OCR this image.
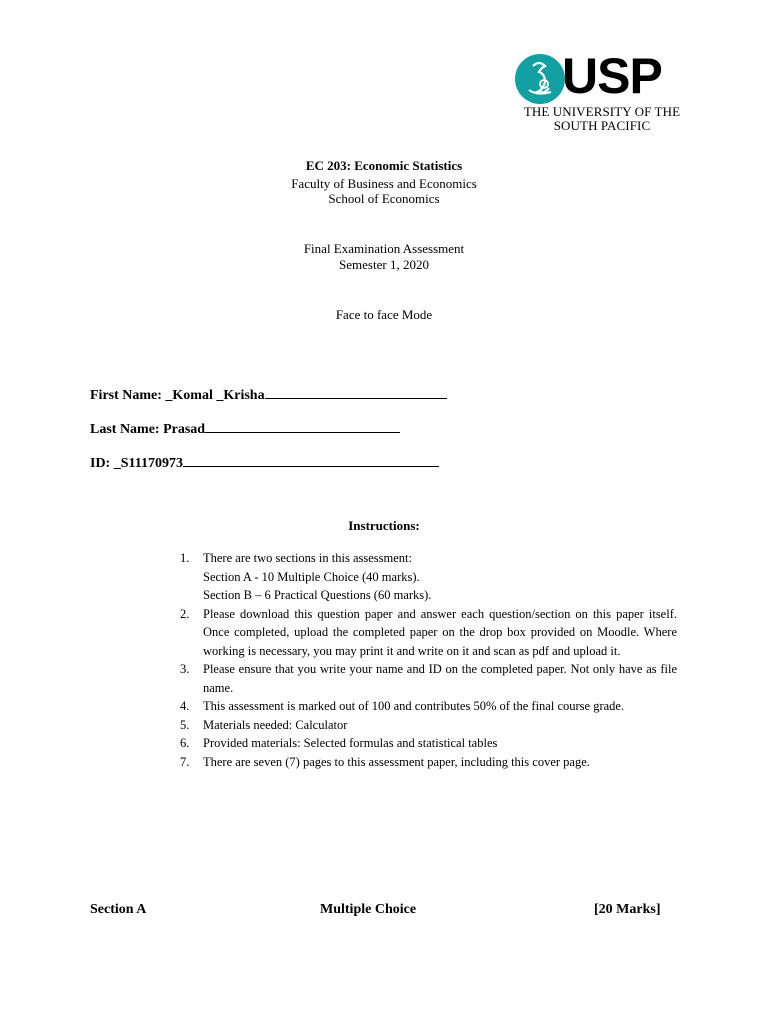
USP
THE UNIVERSITY OF THE
SOUTH PACIFIC
EC 203: Economic Statistics
Faculty of Business and Economics
School of Economics
Final Examination Assessment
Semester 1, 2020
Face to face Mode
First Name: _Komal _Krisha
Last Name: Prasad
ID: _S11170973
Instructions:
1. There are two sections in this assessment:
Section A - 10 Multiple Choice (40 marks).
Section B – 6 Practical Questions (60 marks).
2. Please download this question paper and answer each question/section on this paper itself. Once completed, upload the completed paper on the drop box provided on Moodle. Where working is necessary, you may print it and write on it and scan as pdf and upload it.
3. Please ensure that you write your name and ID on the completed paper. Not only have as file name.
4. This assessment is marked out of 100 and contributes 50% of the final course grade.
5. Materials needed: Calculator
6. Provided materials: Selected formulas and statistical tables
7. There are seven (7) pages to this assessment paper, including this cover page.
Section A	Multiple Choice	[20 Marks]
